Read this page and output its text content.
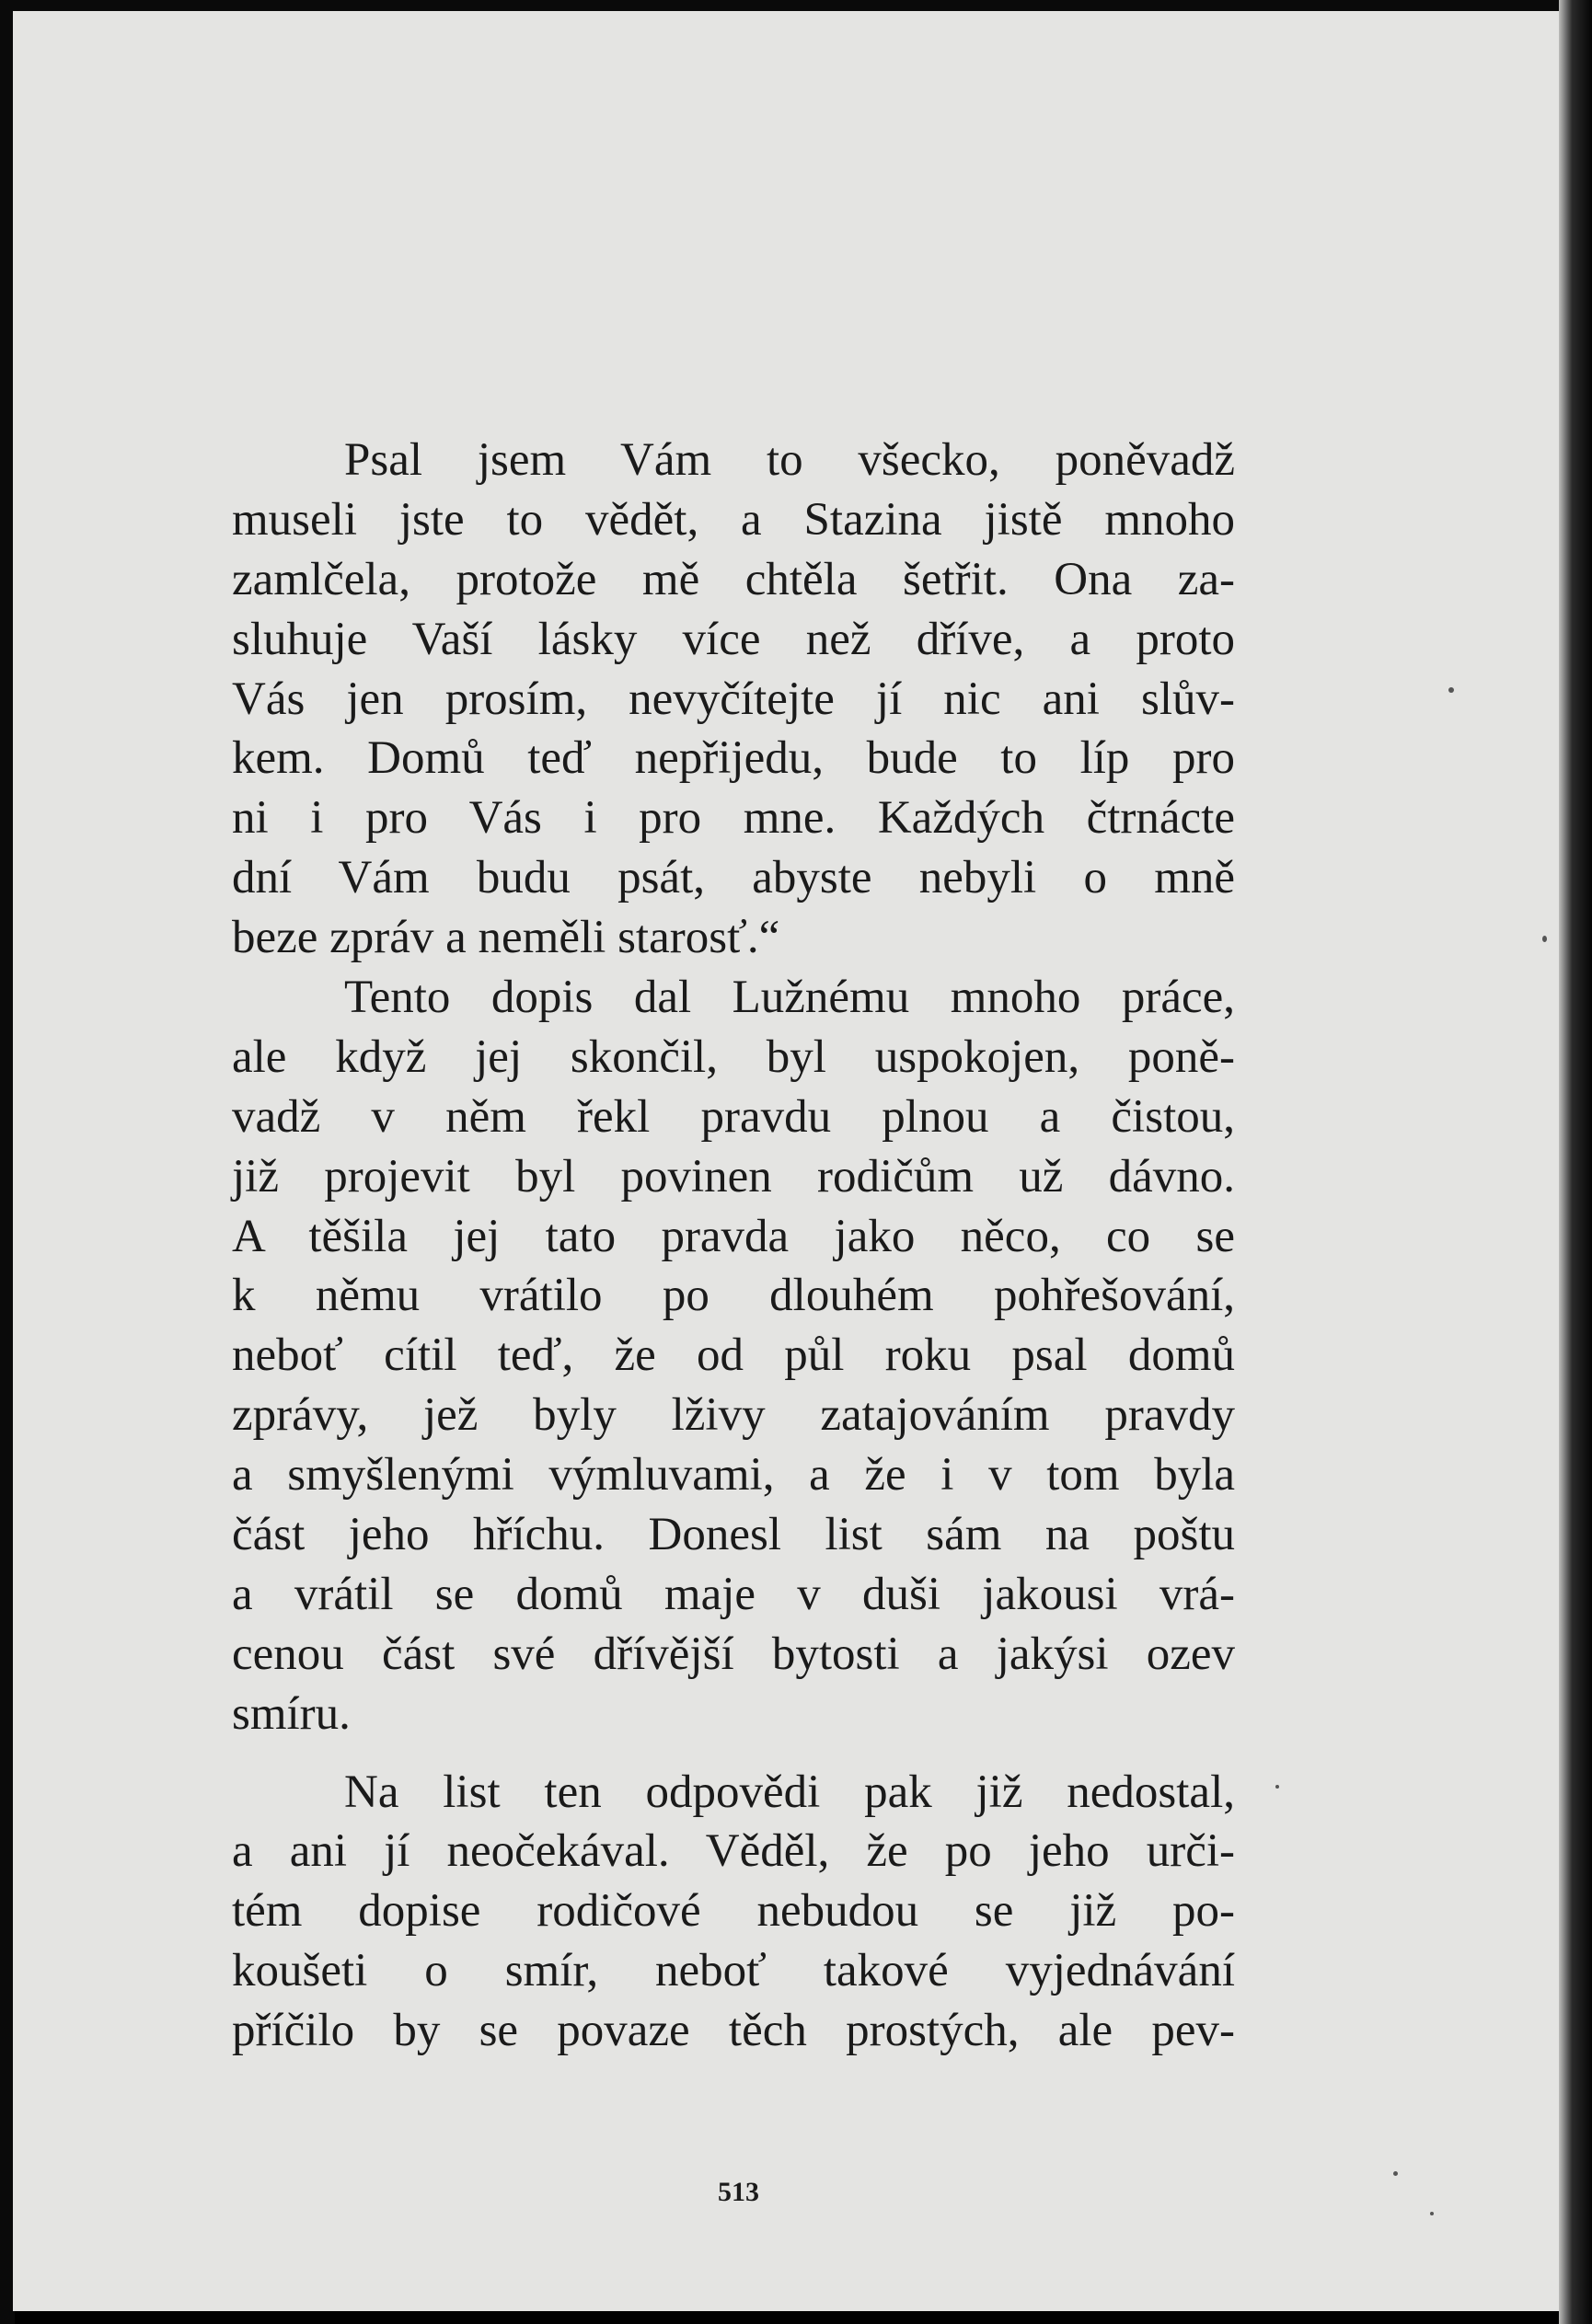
Psal jsem Vám to všecko, poněvadž
museli jste to vědět, a Stazina jistě mnoho
zamlčela, protože mě chtěla šetřit. Ona za-
sluhuje Vaší lásky více než dříve, a proto
Vás jen prosím, nevyčítejte jí nic ani slův-
kem. Domů teď nepřijedu, bude to líp pro
ni i pro Vás i pro mne. Každých čtrnácte
dní Vám budu psát, abyste nebyli o mně
beze zpráv a neměli starosť.“
Tento dopis dal Lužnému mnoho práce,
ale když jej skončil, byl uspokojen, poně-
vadž v něm řekl pravdu plnou a čistou,
již projevit byl povinen rodičům už dávno.
A těšila jej tato pravda jako něco, co se
k němu vrátilo po dlouhém pohřešování,
neboť cítil teď, že od půl roku psal domů
zprávy, jež byly lživy zatajováním pravdy
a smyšlenými výmluvami, a že i v tom byla
část jeho hříchu. Donesl list sám na poštu
a vrátil se domů maje v duši jakousi vrá-
cenou část své dřívější bytosti a jakýsi ozev
smíru.
Na list ten odpovědi pak již nedostal,
a ani jí neočekával. Věděl, že po jeho urči-
tém dopise rodičové nebudou se již po-
koušeti o smír, neboť takové vyjednávání
příčilo by se povaze těch prostých, ale pev-
513
